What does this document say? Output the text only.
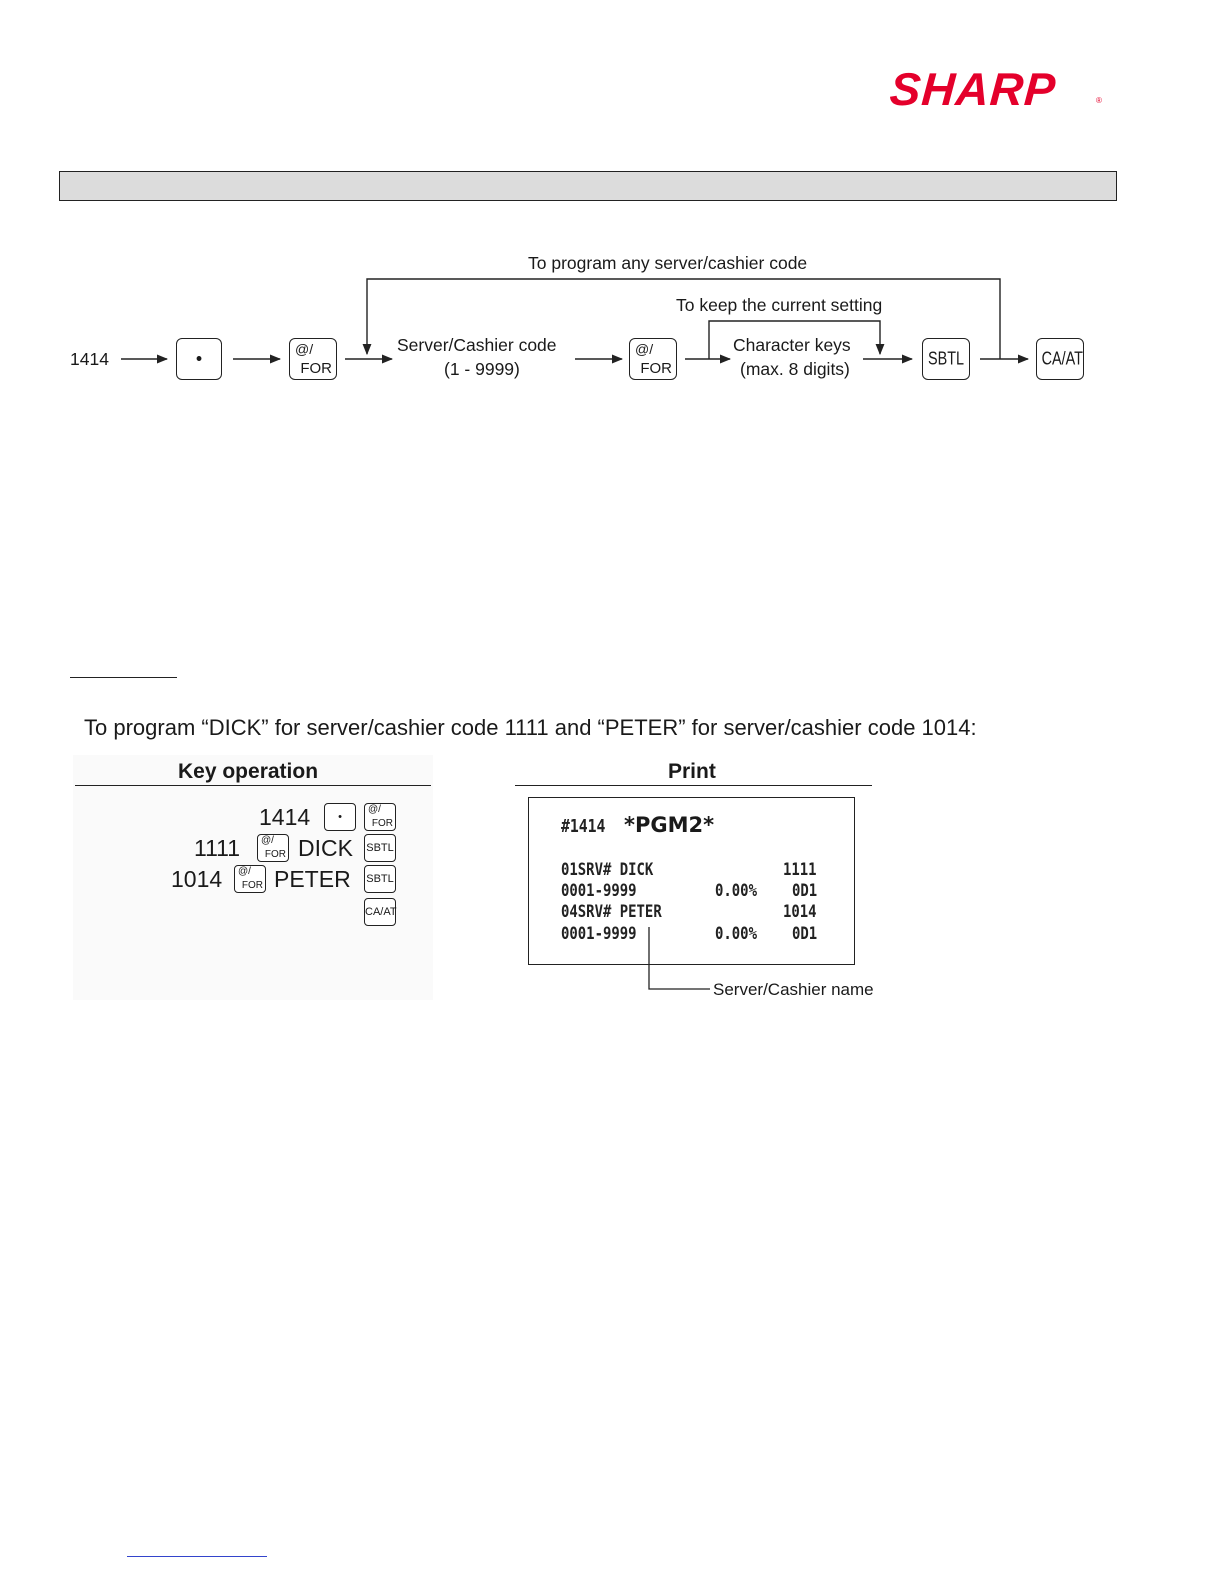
SHARP	®
To program any server/cashier code
To keep the current setting
1414	•	@/
FOR
Server/Cashier code
(1 - 9999)
@/
FOR
Character keys
(max. 8 digits)
SBTL	CA/AT
To program “DICK” for server/cashier code 1111 and “PETER” for server/cashier code 1014:
Key operation
1414	•
@/
FOR
1111 @/
FOR DICK SBTL
1014 @/
FOR PETER SBTL
CA/AT
Print
#1414 *PGM2*
01SRV# DICK	1111
0001-9999	0.00% 0D1
04SRV# PETER	1014
0001-9999	0.00% 0D1
Server/Cashier name
